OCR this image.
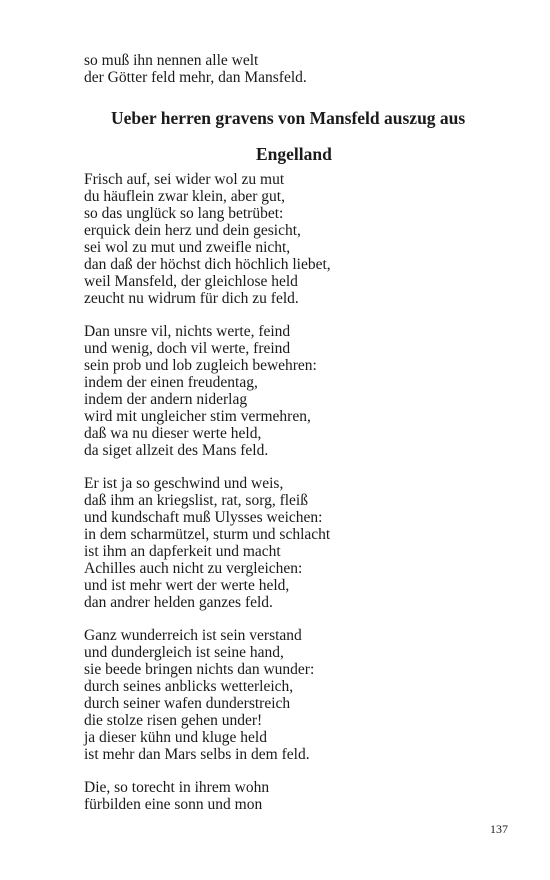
so muß ihn nennen alle welt
der Götter feld mehr, dan Mansfeld.
Ueber herren gravens von Mansfeld auszug aus
Engelland
Frisch auf, sei wider wol zu mut
du häuflein zwar klein, aber gut,
so das unglück so lang betrübet:
erquick dein herz und dein gesicht,
sei wol zu mut und zweifle nicht,
dan daß der höchst dich höchlich liebet,
weil Mansfeld, der gleichlose held
zeucht nu widrum für dich zu feld.
Dan unsre vil, nichts werte, feind
und wenig, doch vil werte, freind
sein prob und lob zugleich bewehren:
indem der einen freudentag,
indem der andern niderlag
wird mit ungleicher stim vermehren,
daß wa nu dieser werte held,
da siget allzeit des Mans feld.
Er ist ja so geschwind und weis,
daß ihm an kriegslist, rat, sorg, fleiß
und kundschaft muß Ulysses weichen:
in dem scharmützel, sturm und schlacht
ist ihm an dapferkeit und macht
Achilles auch nicht zu vergleichen:
und ist mehr wert der werte held,
dan andrer helden ganzes feld.
Ganz wunderreich ist sein verstand
und dundergleich ist seine hand,
sie beede bringen nichts dan wunder:
durch seines anblicks wetterleich,
durch seiner wafen dunderstreich
die stolze risen gehen under!
ja dieser kühn und kluge held
ist mehr dan Mars selbs in dem feld.
Die, so torecht in ihrem wohn
fürbilden eine sonn und mon
137
